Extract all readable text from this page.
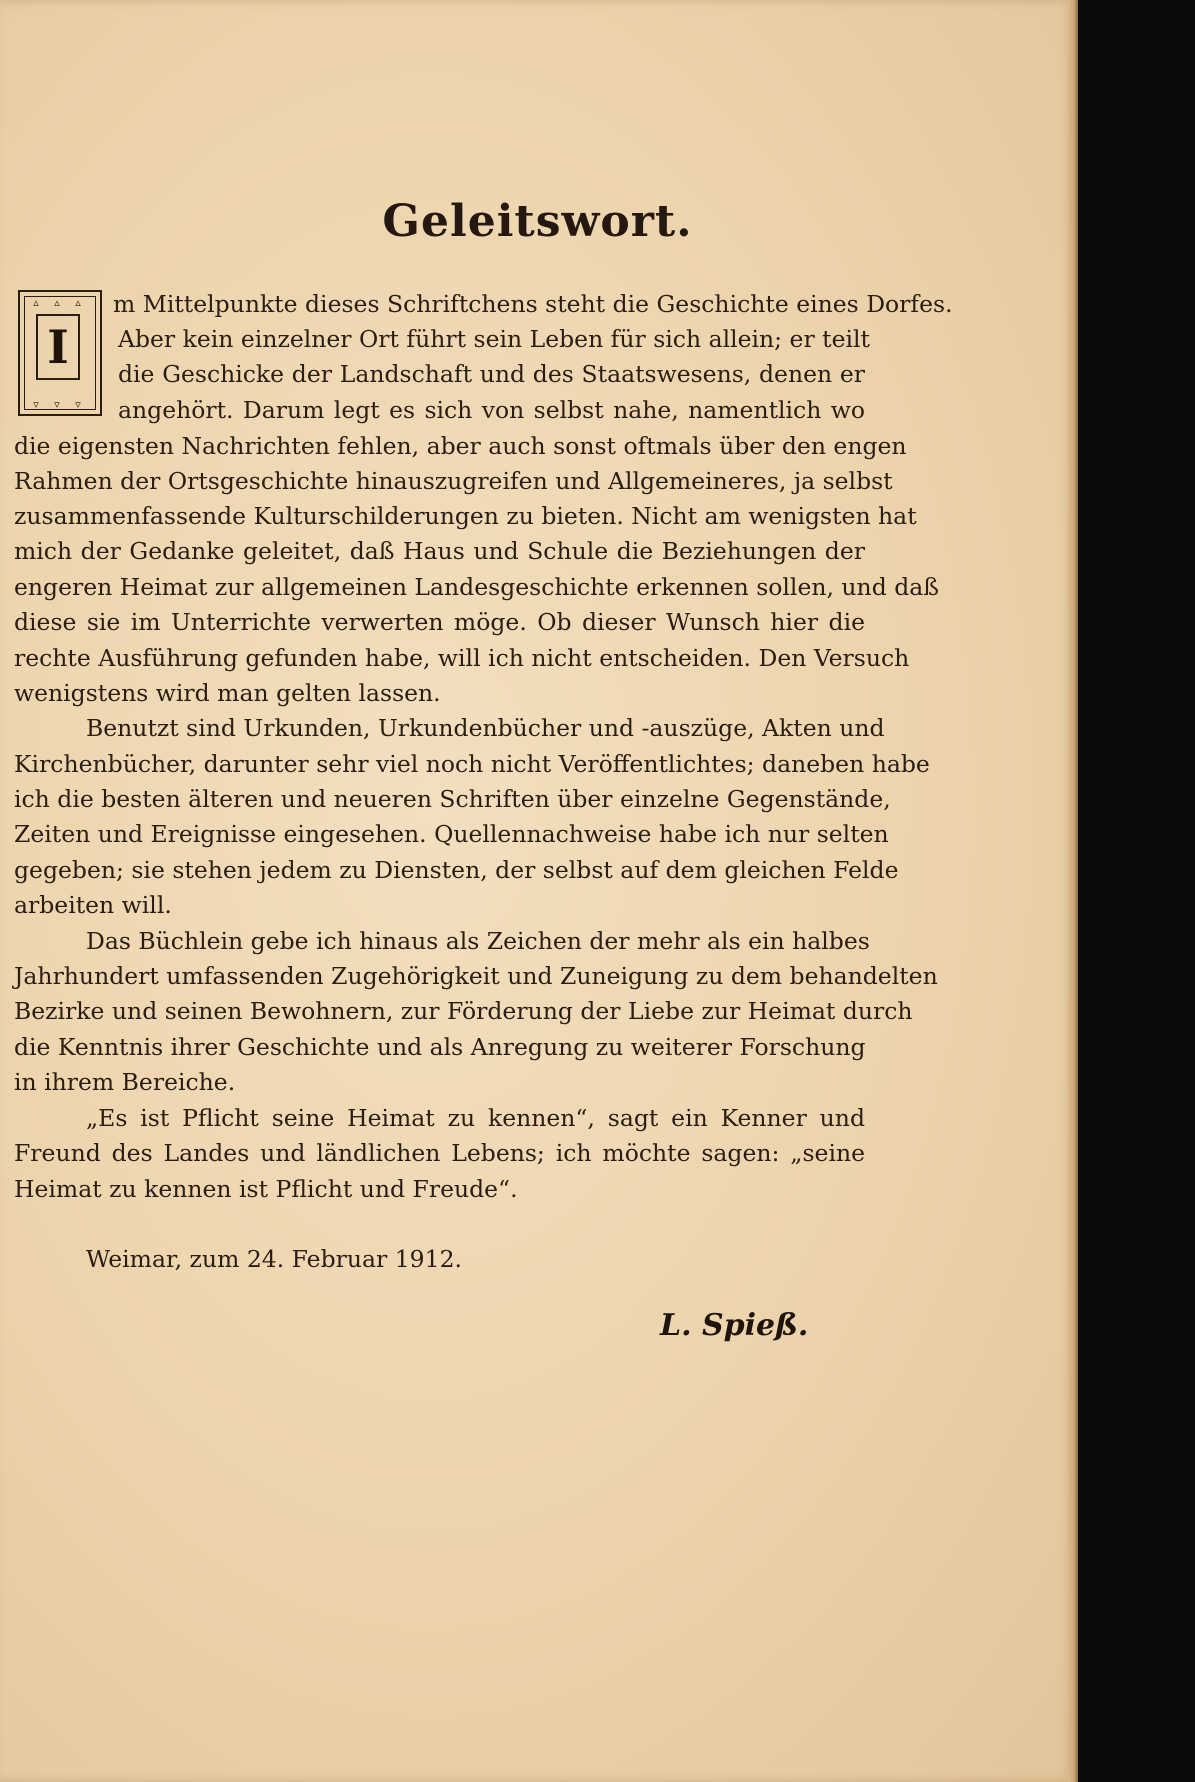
Geleitswort.
▵ ▵ ▵
I
▿ ▿ ▿
m Mittelpunkte dieses Schriftchens steht die Geschichte eines Dorfes.
Aber kein einzelner Ort führt sein Leben für sich allein; er teilt
die Geschicke der Landschaft und des Staatswesens, denen er
angehört. Darum legt es sich von selbst nahe, namentlich wo
die eigensten Nachrichten fehlen, aber auch sonst oftmals über den engen
Rahmen der Ortsgeschichte hinauszugreifen und Allgemeineres, ja selbst
zusammenfassende Kulturschilderungen zu bieten. Nicht am wenigsten hat
mich der Gedanke geleitet, daß Haus und Schule die Beziehungen der
engeren Heimat zur allgemeinen Landesgeschichte erkennen sollen, und daß
diese sie im Unterrichte verwerten möge. Ob dieser Wunsch hier die
rechte Ausführung gefunden habe, will ich nicht entscheiden. Den Versuch
wenigstens wird man gelten lassen.
Benutzt sind Urkunden, Urkundenbücher und -auszüge, Akten und
Kirchenbücher, darunter sehr viel noch nicht Veröffentlichtes; daneben habe
ich die besten älteren und neueren Schriften über einzelne Gegenstände,
Zeiten und Ereignisse eingesehen. Quellennachweise habe ich nur selten
gegeben; sie stehen jedem zu Diensten, der selbst auf dem gleichen Felde
arbeiten will.
Das Büchlein gebe ich hinaus als Zeichen der mehr als ein halbes
Jahrhundert umfassenden Zugehörigkeit und Zuneigung zu dem behandelten
Bezirke und seinen Bewohnern, zur Förderung der Liebe zur Heimat durch
die Kenntnis ihrer Geschichte und als Anregung zu weiterer Forschung
in ihrem Bereiche.
„Es ist Pflicht seine Heimat zu kennen“, sagt ein Kenner und
Freund des Landes und ländlichen Lebens; ich möchte sagen: „seine
Heimat zu kennen ist Pflicht und Freude“.
Weimar, zum 24. Februar 1912.
L. Spieß.
